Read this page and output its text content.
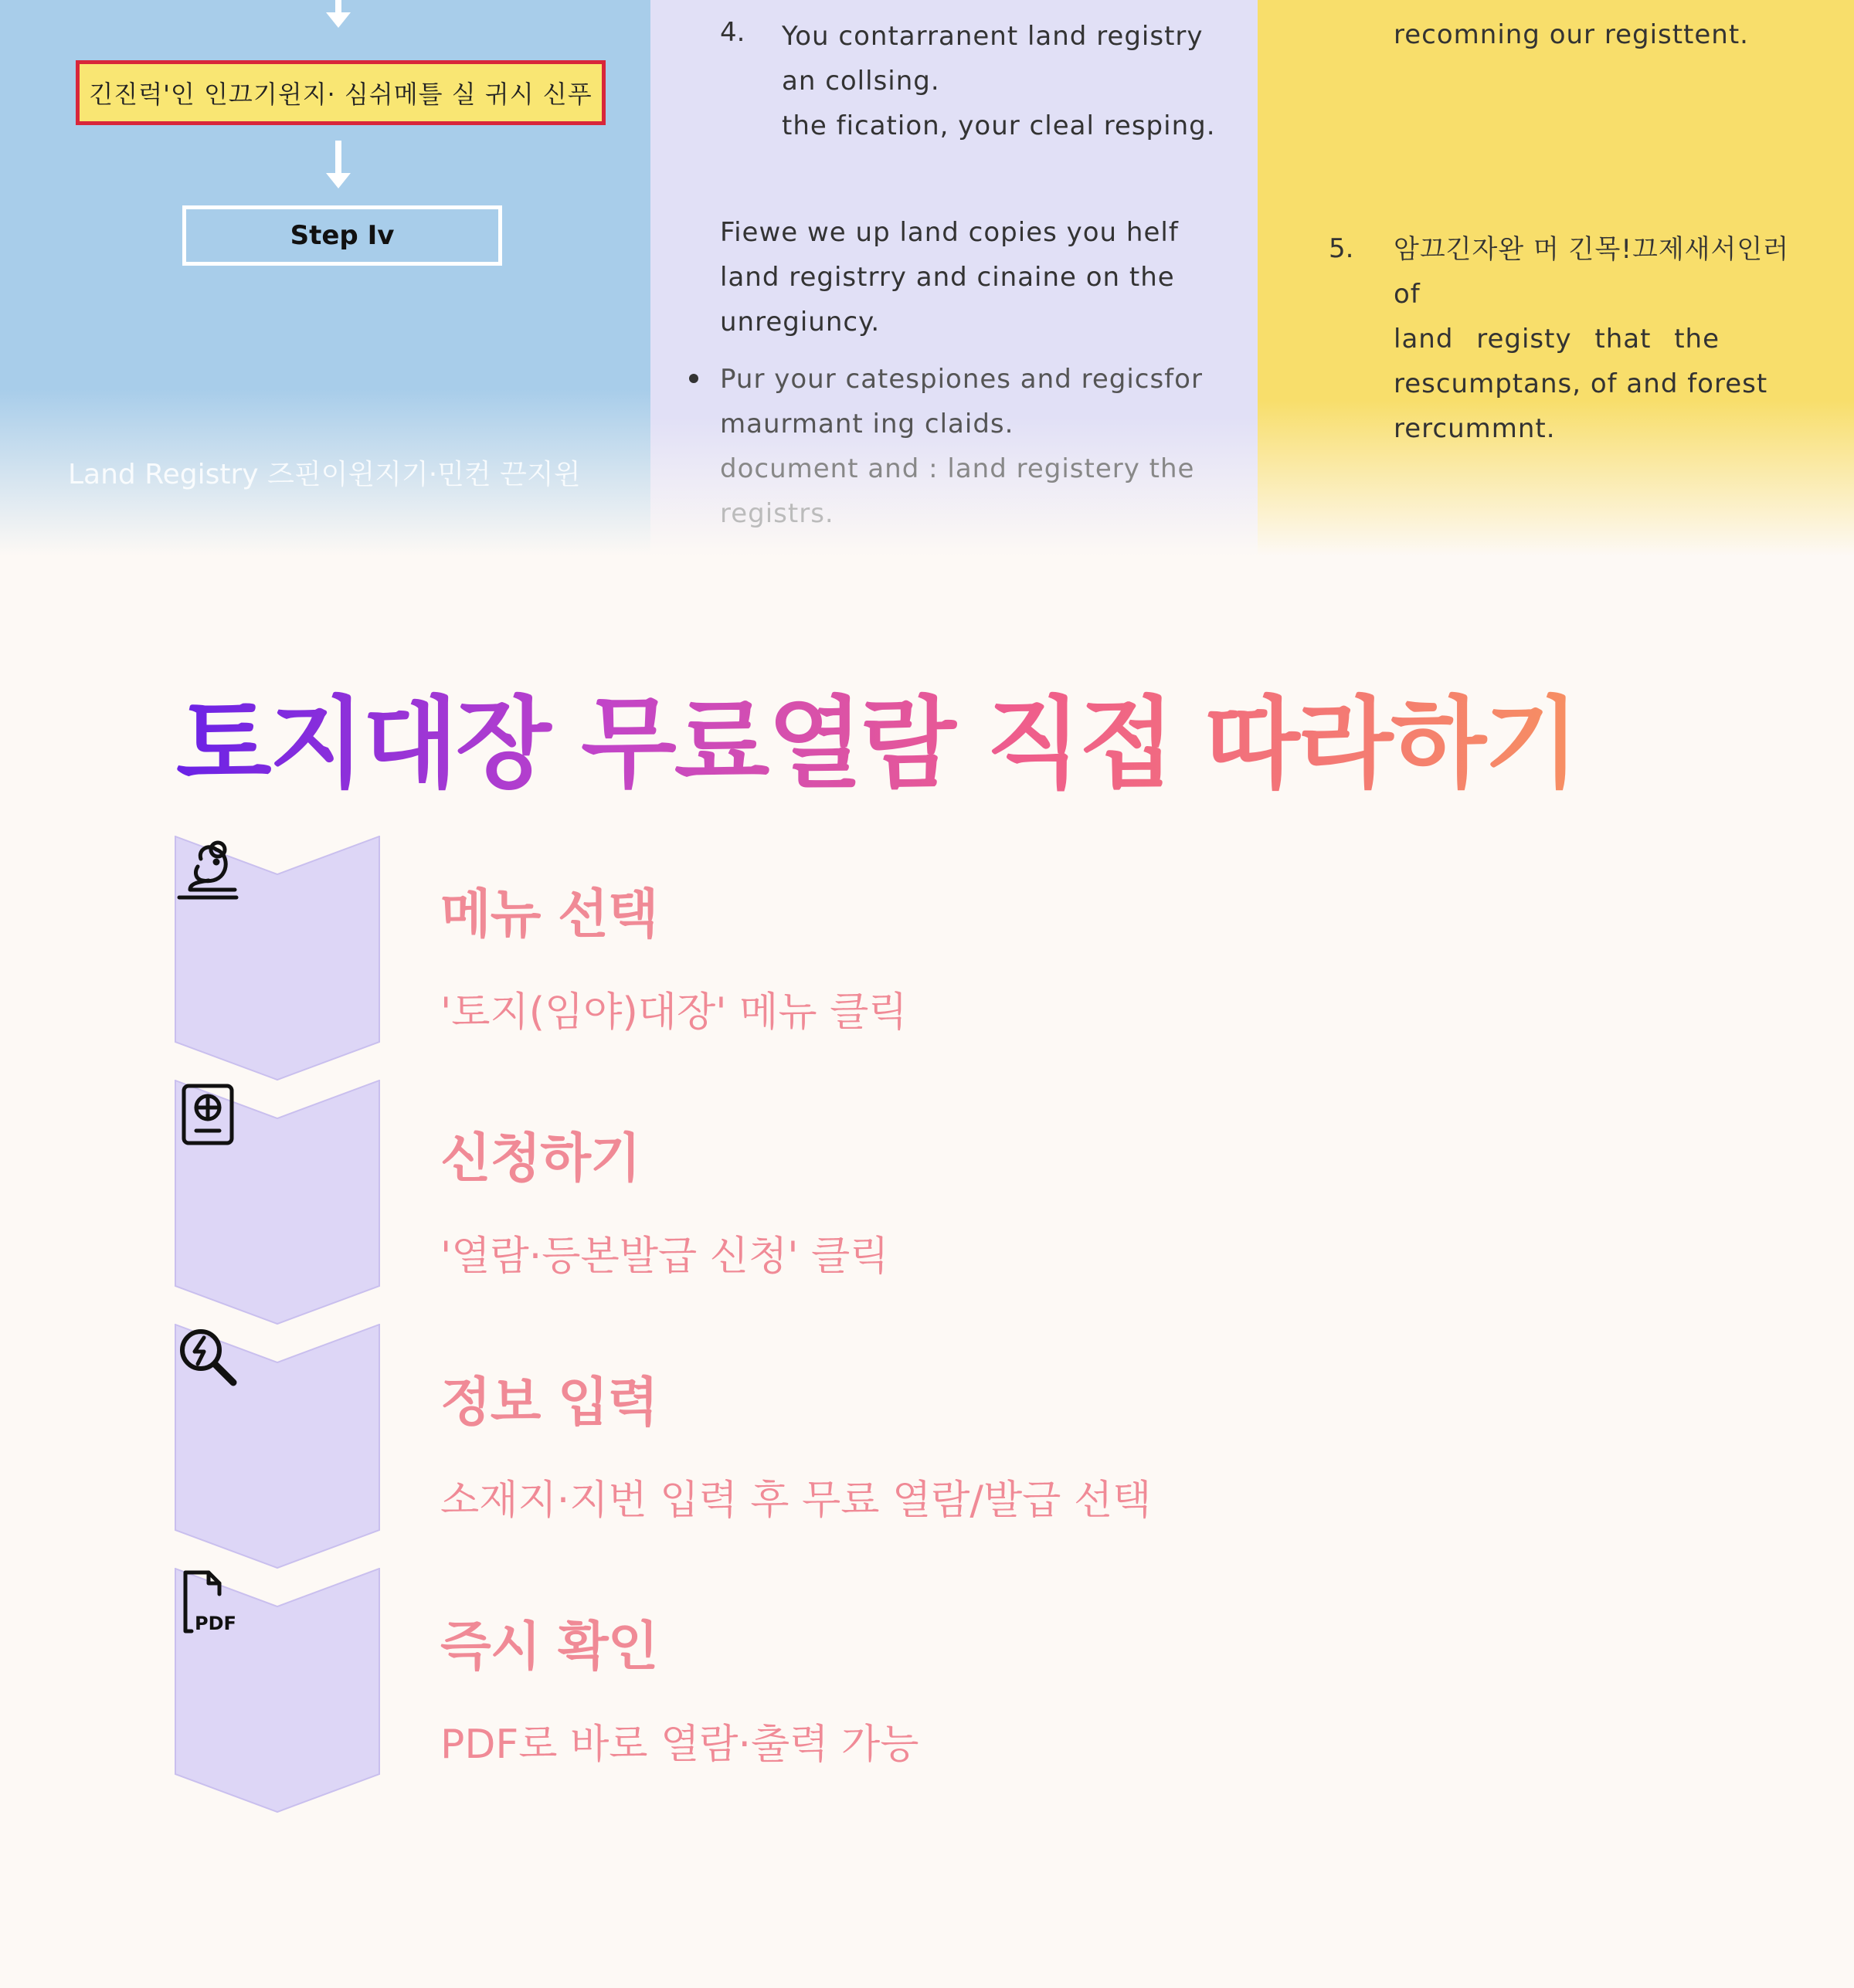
긴진럭'인 인끄기윈지· 심쉬메틀 실 귀시 신푸
Step Iv
Land Registry 즈핀이윈지기·민컨 끈지윈
4. You contarranent land registry
an collsing.
the fication, your cleal resping.
Fiewe we up land copies you helf
land registrry and cinaine on the
unregiuncy.
Pur your catespiones and regicsfor
maurmant ing claids.
document and : land registery the
registrs.
recomning our registtent.
5. 암끄긴자완 머 긴목!끄제새서인러 of
land registy that the
rescumptans, of and forest
rercummnt.
토지대장 무료열람 직접 따라하기
메뉴 선택
'토지(임야)대장' 메뉴 클릭
신청하기
'열람·등본발급 신청' 클릭
정보 입력
소재지·지번 입력 후 무료 열람/발급 선택
PDF	즉시 확인
PDF로 바로 열람·출력 가능
